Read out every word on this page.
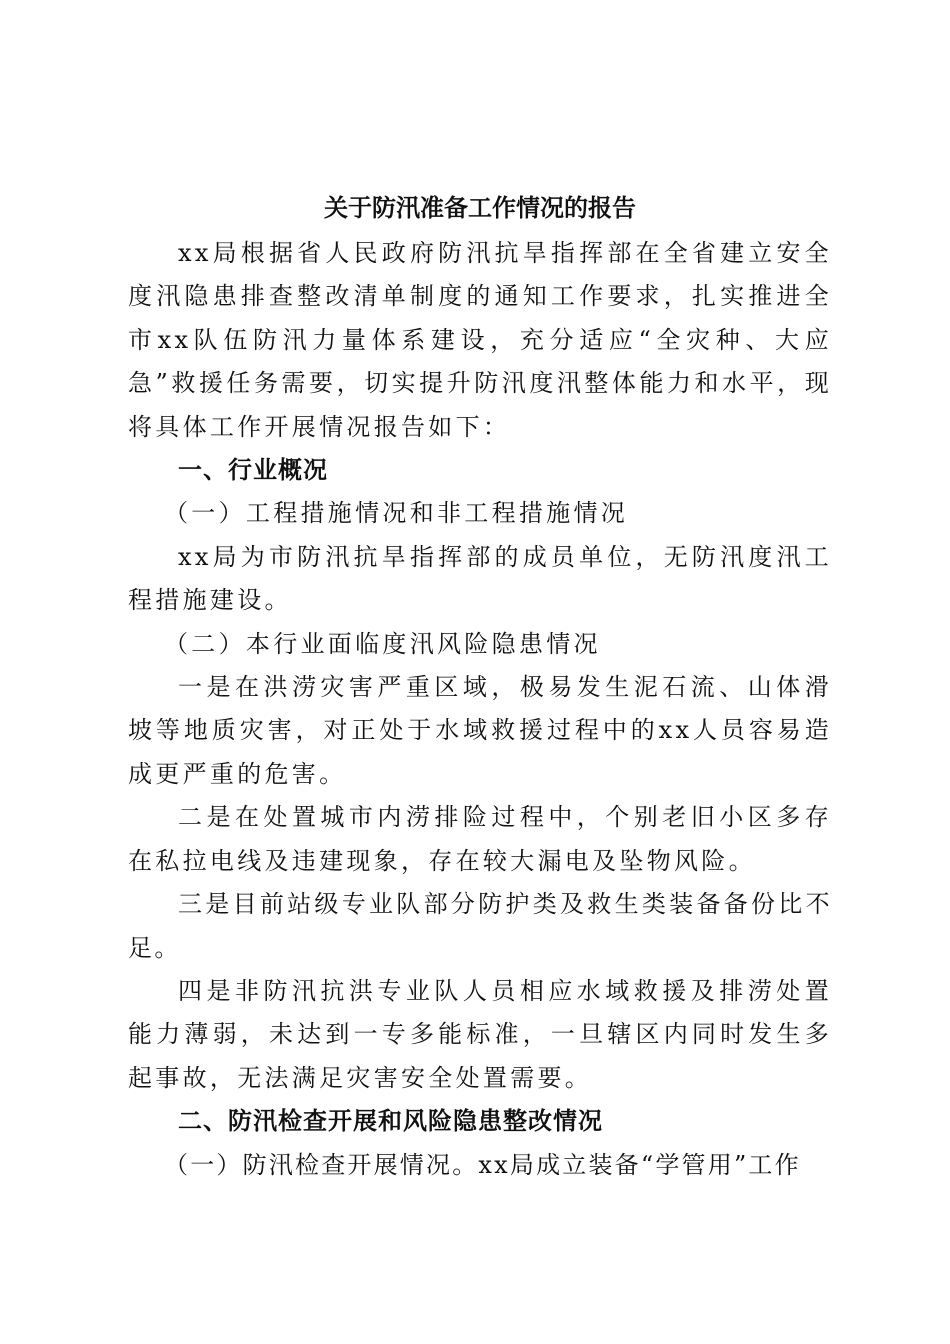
关于防汛准备工作情况的报告

xx局根据省人民政府防汛抗旱指挥部在全省建立安全度汛隐患排查整改清单制度的通知工作要求，扎实推进全市xx队伍防汛力量体系建设，充分适应“全灾种、大应急”救援任务需要，切实提升防汛度汛整体能力和水平，现将具体工作开展情况报告如下：

一、行业概况

（一）工程措施情况和非工程措施情况

xx局为市防汛抗旱指挥部的成员单位，无防汛度汛工程措施建设。

（二）本行业面临度汛风险隐患情况

一是在洪涝灾害严重区域，极易发生泥石流、山体滑坡等地质灾害，对正处于水域救援过程中的xx人员容易造成更严重的危害。

二是在处置城市内涝排险过程中，个别老旧小区多存在私拉电线及违建现象，存在较大漏电及坠物风险。

三是目前站级专业队部分防护类及救生类装备备份比不足。

四是非防汛抗洪专业队人员相应水域救援及排涝处置能力薄弱，未达到一专多能标准，一旦辖区内同时发生多起事故，无法满足灾害安全处置需要。

二、防汛检查开展和风险隐患整改情况

（一）防汛检查开展情况。xx局成立装备“学管用”工作
